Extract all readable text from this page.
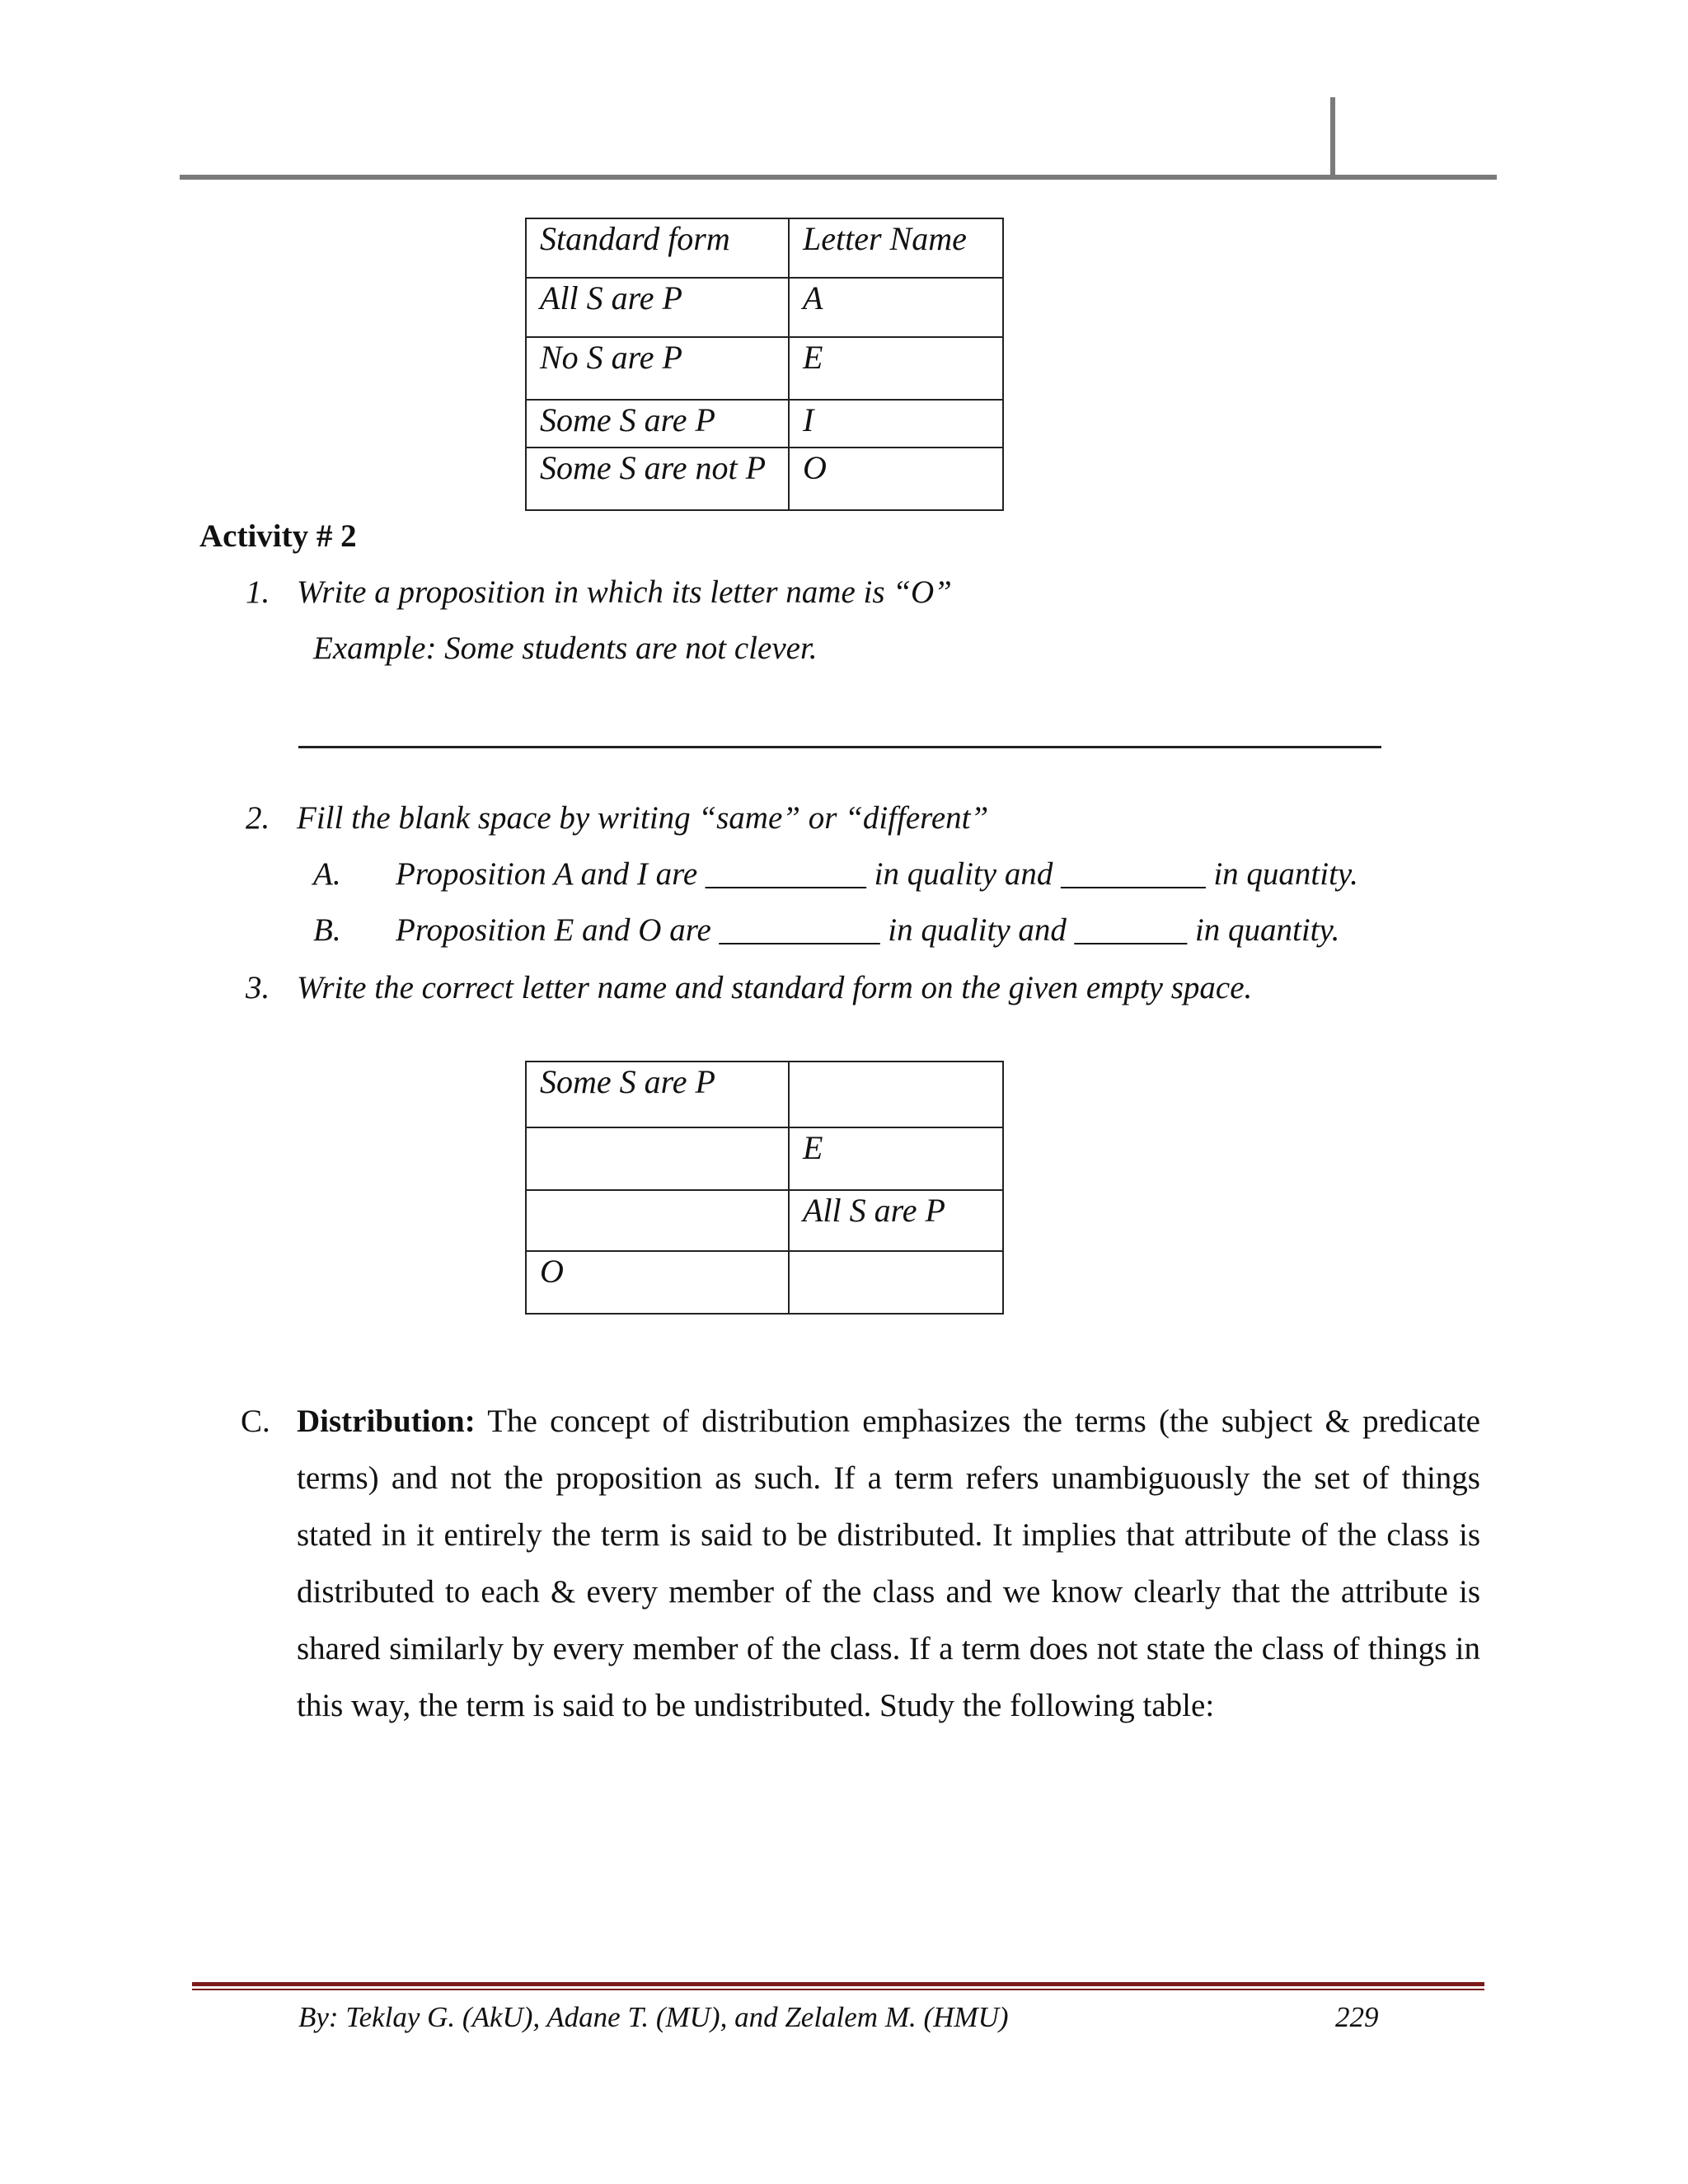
Standard form	Letter Name
All S are P	A
No S are P	E
Some S are P	I
Some S are not P	O
Activity # 2
1. Write a proposition in which its letter name is “O”
Example: Some students are not clever.
2. Fill the blank space by writing “same” or “different”
A. Proposition A and I are __________ in quality and _________ in quantity.
B. Proposition E and O are __________ in quality and _______ in quantity.
3. Write the correct letter name and standard form on the given empty space.
Some S are P	
	E
	All S are P
O	
C. Distribution: The concept of distribution emphasizes the terms (the subject & predicate terms) and not the proposition as such. If a term refers unambiguously the set of things stated in it entirely the term is said to be distributed. It implies that attribute of the class is distributed to each & every member of the class and we know clearly that the attribute is shared similarly by every member of the class. If a term does not state the class of things in this way, the term is said to be undistributed. Study the following table:
By: Teklay G. (AkU), Adane T. (MU), and Zelalem M. (HMU)	229
